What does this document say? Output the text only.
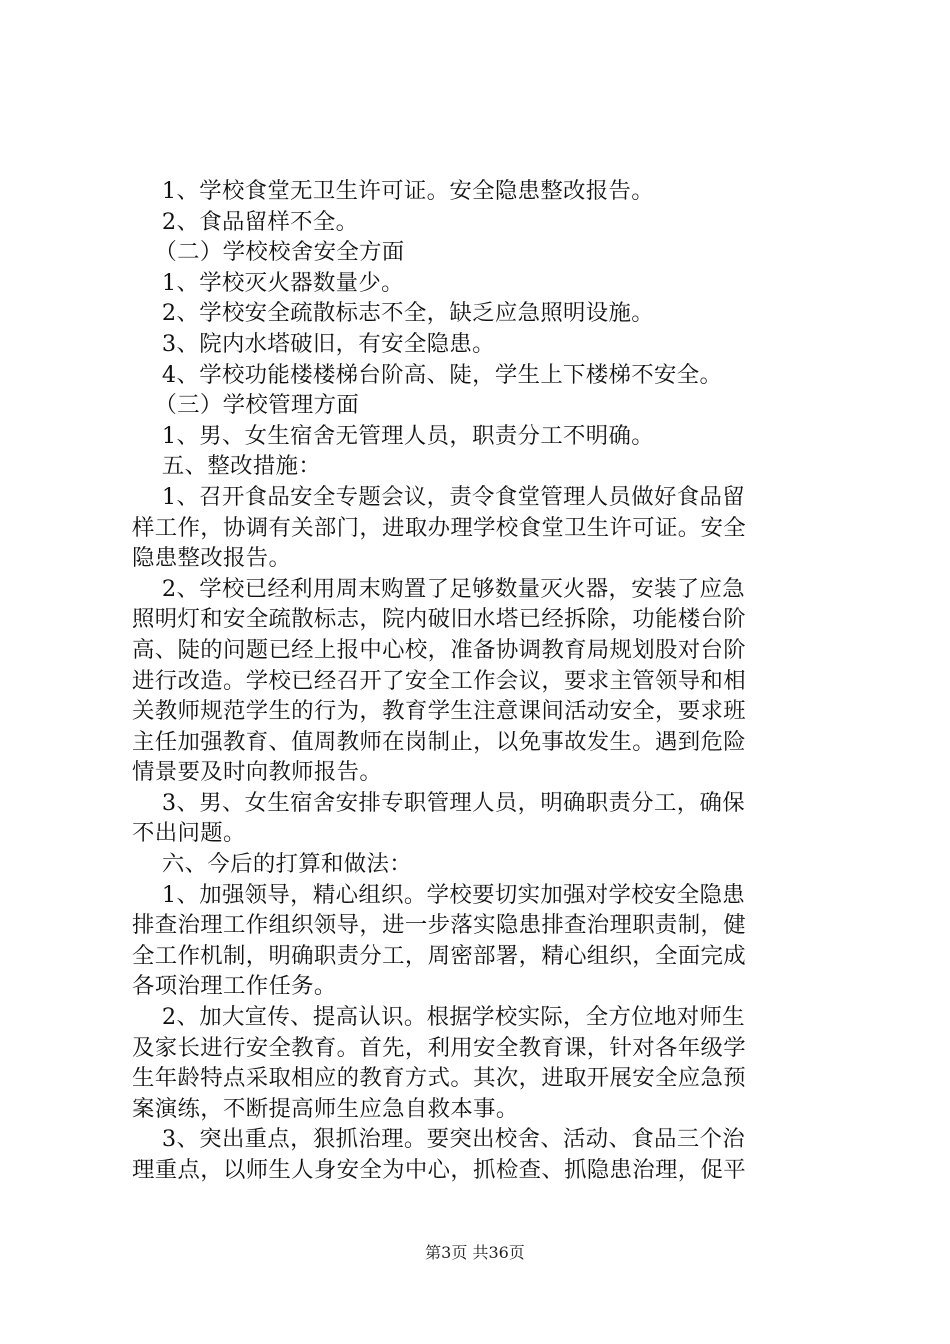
1、学校食堂无卫生许可证。安全隐患整改报告。
2、食品留样不全。
（二）学校校舍安全方面
1、学校灭火器数量少。
2、学校安全疏散标志不全，缺乏应急照明设施。
3、院内水塔破旧，有安全隐患。
4、学校功能楼楼梯台阶高、陡，学生上下楼梯不安全。
（三）学校管理方面
1、男、女生宿舍无管理人员，职责分工不明确。
五、整改措施：
1、召开食品安全专题会议，责令食堂管理人员做好食品留
样工作，协调有关部门，进取办理学校食堂卫生许可证。安全
隐患整改报告。
2、学校已经利用周末购置了足够数量灭火器，安装了应急
照明灯和安全疏散标志，院内破旧水塔已经拆除，功能楼台阶
高、陡的问题已经上报中心校，准备协调教育局规划股对台阶
进行改造。学校已经召开了安全工作会议，要求主管领导和相
关教师规范学生的行为，教育学生注意课间活动安全，要求班
主任加强教育、值周教师在岗制止，以免事故发生。遇到危险
情景要及时向教师报告。
3、男、女生宿舍安排专职管理人员，明确职责分工，确保
不出问题。
六、今后的打算和做法：
1、加强领导，精心组织。学校要切实加强对学校安全隐患
排查治理工作组织领导，进一步落实隐患排查治理职责制，健
全工作机制，明确职责分工，周密部署，精心组织，全面完成
各项治理工作任务。
2、加大宣传、提高认识。根据学校实际，全方位地对师生
及家长进行安全教育。首先，利用安全教育课，针对各年级学
生年龄特点采取相应的教育方式。其次，进取开展安全应急预
案演练，不断提高师生应急自救本事。
3、突出重点，狠抓治理。要突出校舍、活动、食品三个治
理重点，以师生人身安全为中心，抓检查、抓隐患治理，促平
第3页 共36页
